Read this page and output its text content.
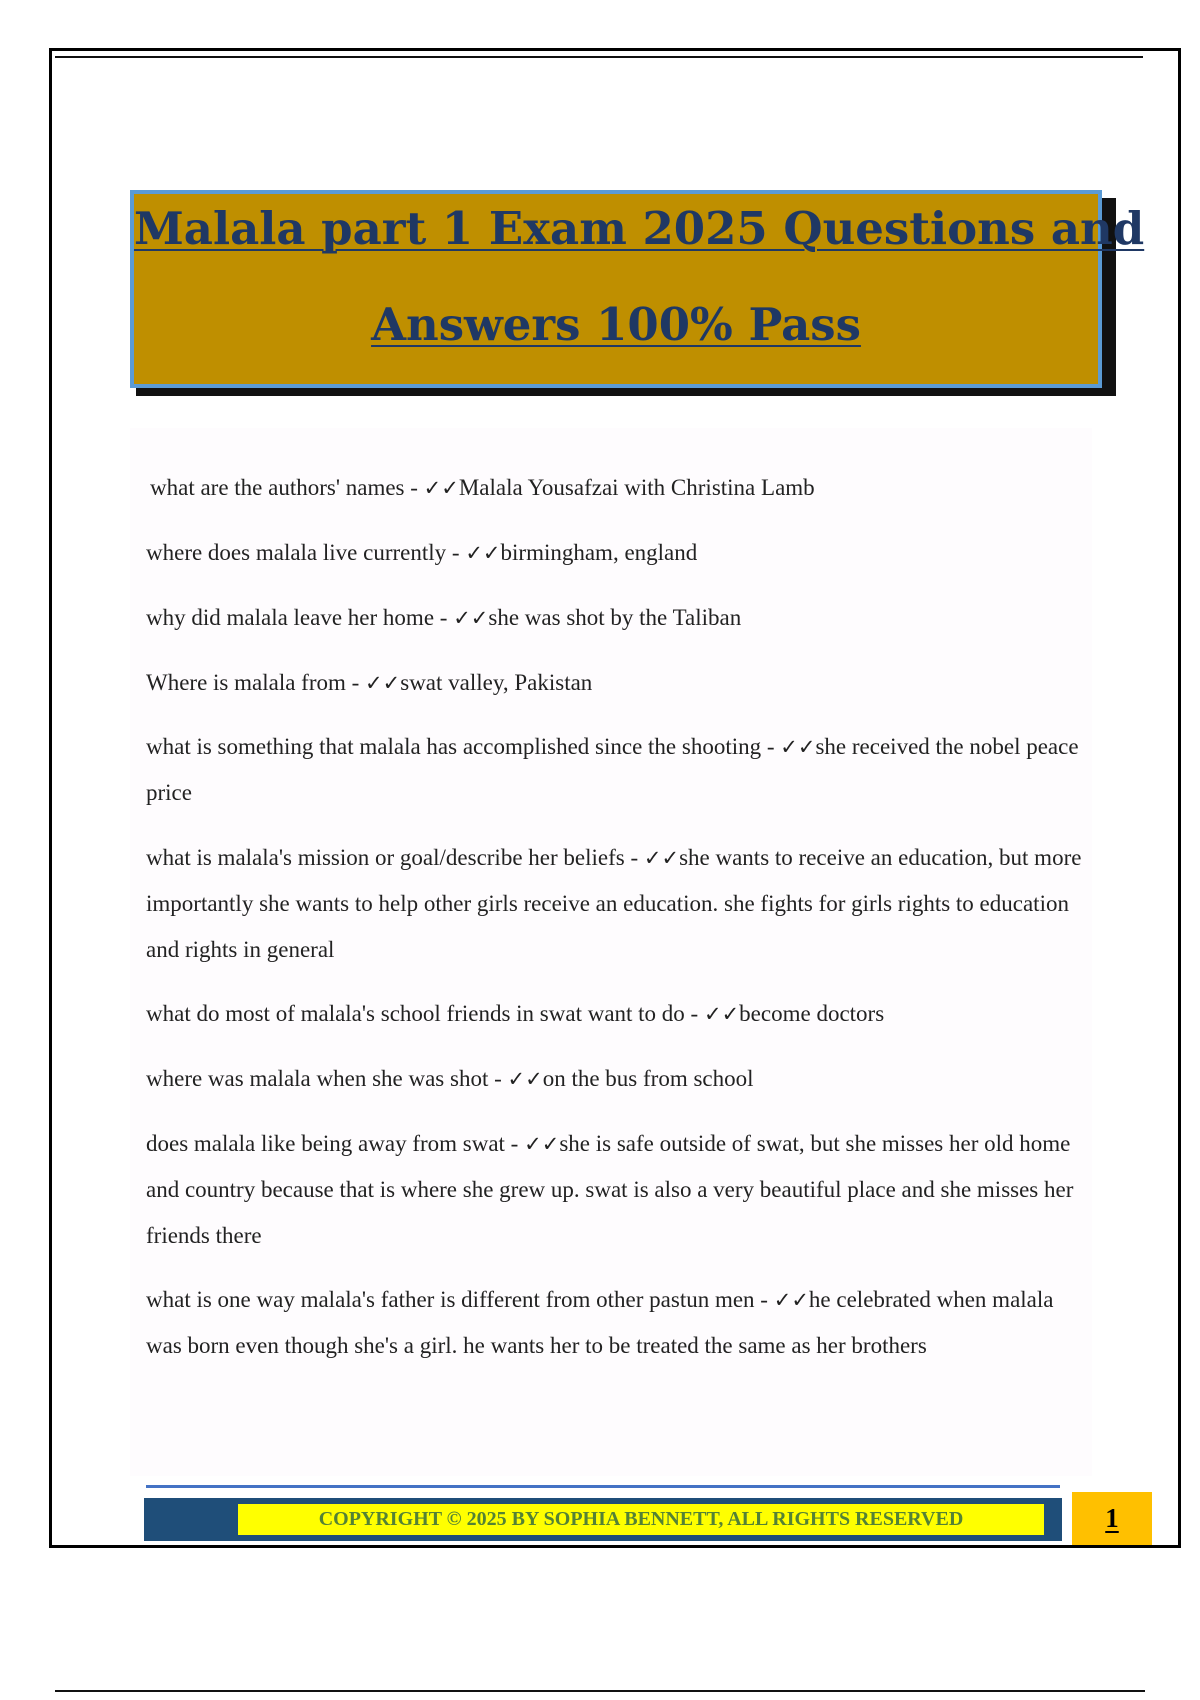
Malala part 1 Exam 2025 Questions and
Answers 100% Pass

what are the authors' names - ✓✓Malala Yousafzai with Christina Lamb

where does malala live currently - ✓✓birmingham, england

why did malala leave her home - ✓✓she was shot by the Taliban

Where is malala from - ✓✓swat valley, Pakistan

what is something that malala has accomplished since the shooting - ✓✓she received the nobel peace price

what is malala's mission or goal/describe her beliefs - ✓✓she wants to receive an education, but more importantly she wants to help other girls receive an education. she fights for girls rights to education and rights in general

what do most of malala's school friends in swat want to do - ✓✓become doctors

where was malala when she was shot - ✓✓on the bus from school

does malala like being away from swat - ✓✓she is safe outside of swat, but she misses her old home and country because that is where she grew up. swat is also a very beautiful place and she misses her friends there

what is one way malala's father is different from other pastun men - ✓✓he celebrated when malala was born even though she's a girl. he wants her to be treated the same as her brothers

COPYRIGHT © 2025 BY SOPHIA BENNETT, ALL RIGHTS RESERVED	1
